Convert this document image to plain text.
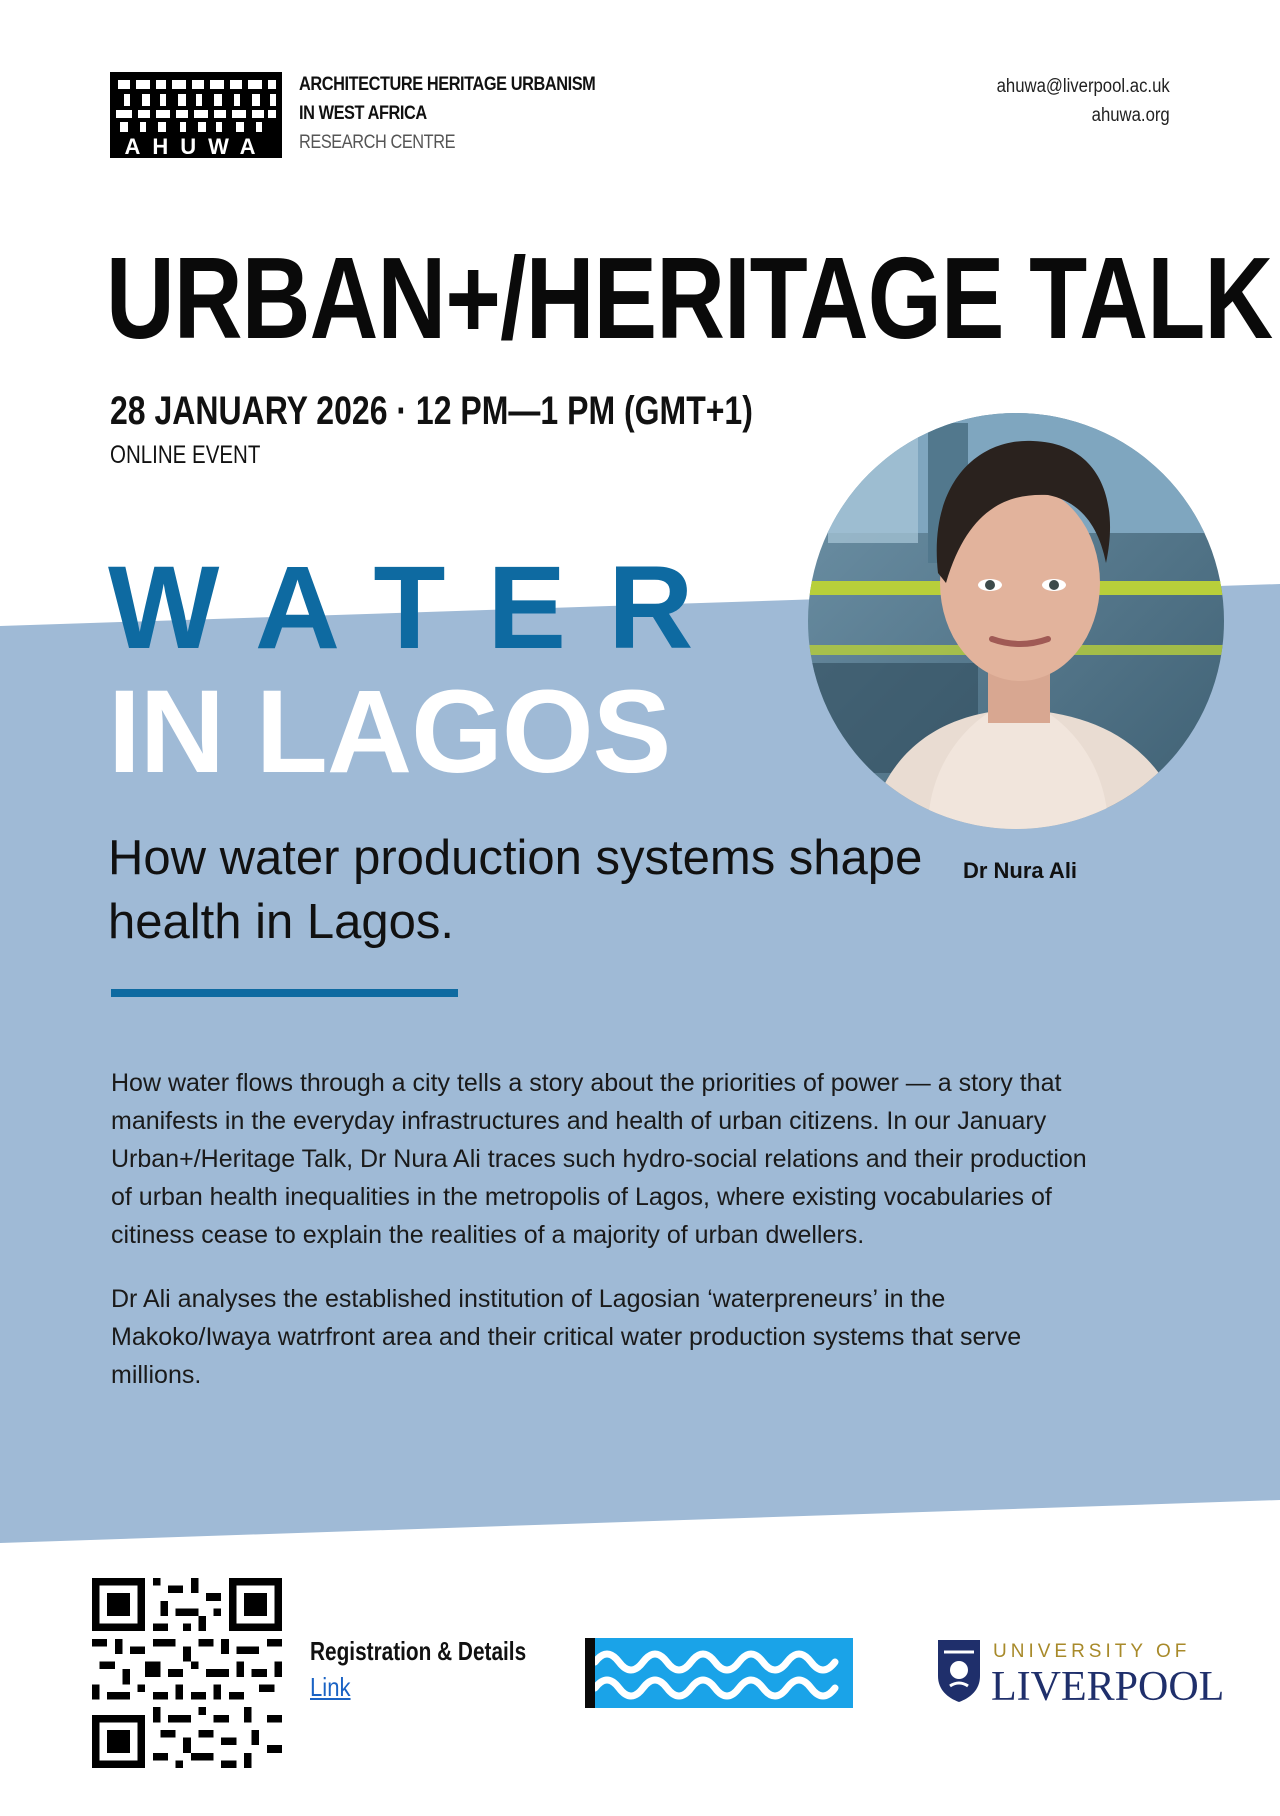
AHUWA
ARCHITECTURE HERITAGE URBANISM
IN WEST AFRICA
RESEARCH CENTRE
ahuwa@liverpool.ac.uk
ahuwa.org
URBAN+/HERITAGE TALK
28 JANUARY 2026 · 12 PM—1 PM (GMT+1)
ONLINE EVENT
WATER
IN LAGOS
How water production systems shape health in Lagos.
Dr Nura Ali

How water flows through a city tells a story about the priorities of power — a story that manifests in the everyday infrastructures and health of urban citizens. In our January Urban+/Heritage Talk, Dr Nura Ali traces such hydro-social relations and their production of urban health inequalities in the metropolis of Lagos, where existing vocabularies of citiness cease to explain the realities of a majority of urban dwellers.

Dr Ali analyses the established institution of Lagosian ‘waterpreneurs’ in the Makoko/Iwaya watrfront area and their critical water production systems that serve millions.

Registration & Details
Link
UNIVERSITY OF
LIVERPOOL
